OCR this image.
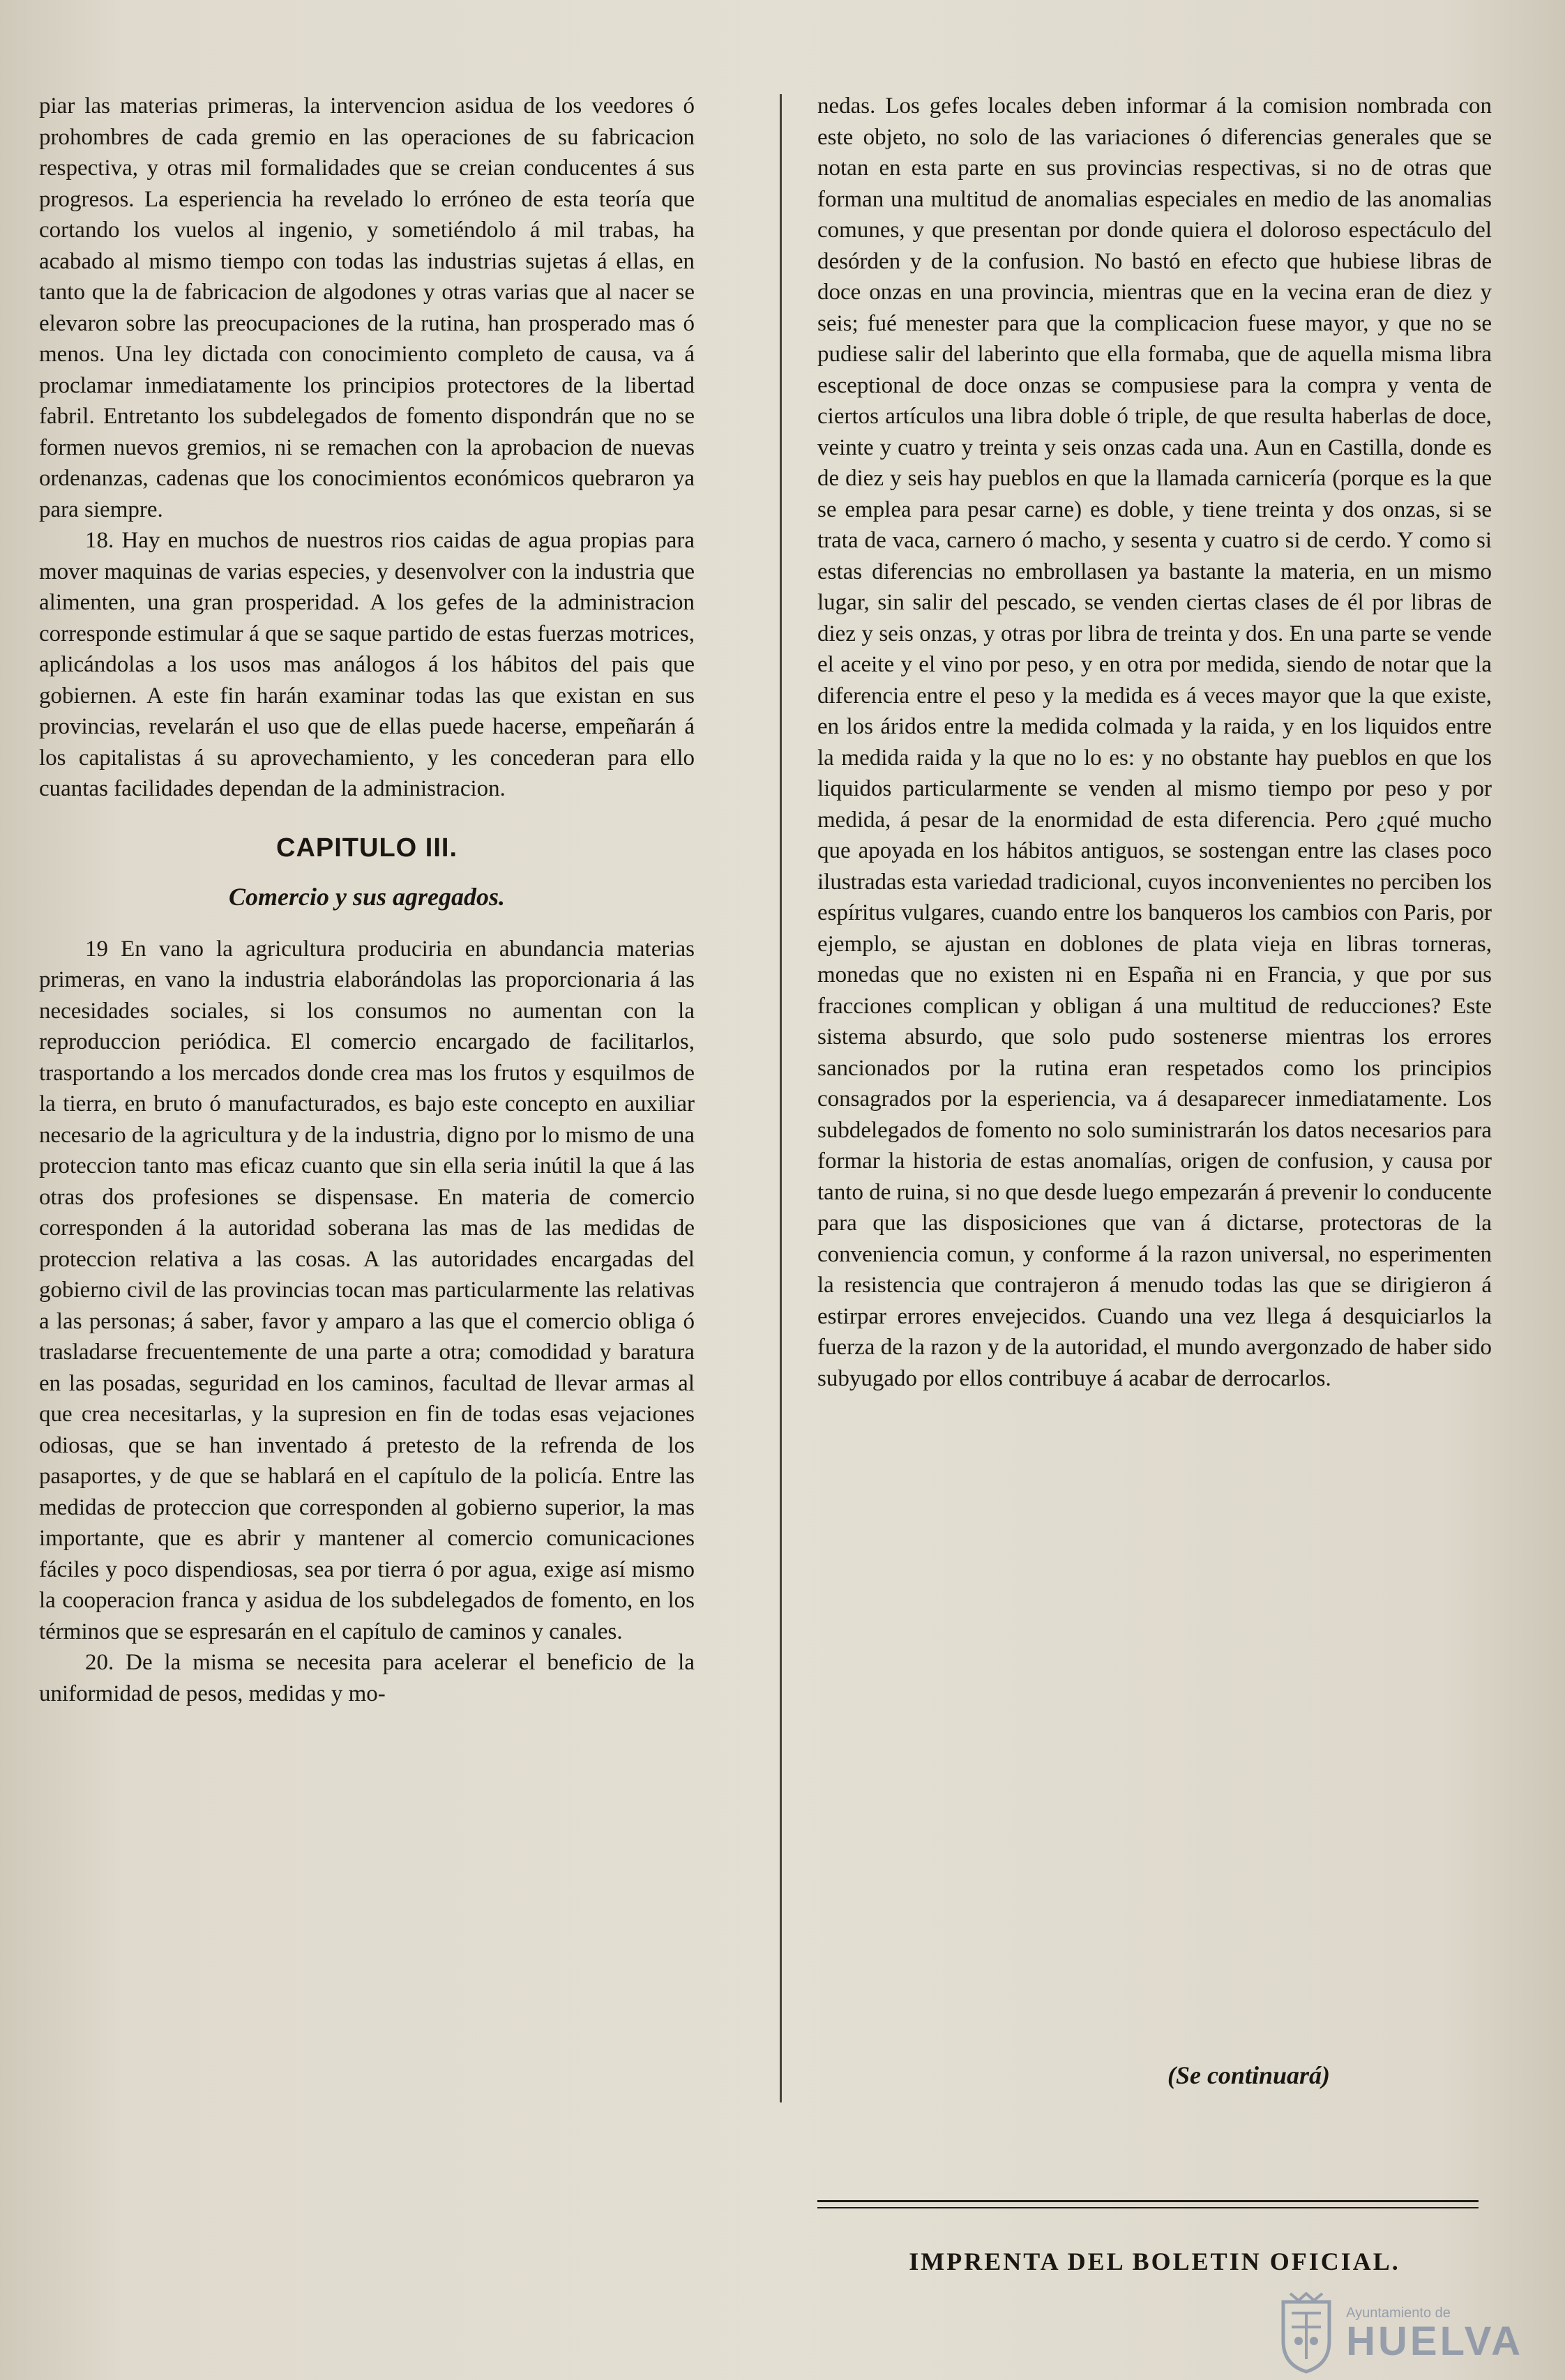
piar las materias primeras, la intervencion asidua de los veedores ó prohombres de cada gremio en las operaciones de su fabricacion respectiva, y otras mil formalidades que se creian conducentes á sus progresos. La esperiencia ha revelado lo erróneo de esta teoría que cortando los vuelos al ingenio, y sometiéndolo á mil trabas, ha acabado al mismo tiempo con todas las industrias sujetas á ellas, en tanto que la de fabricacion de algodones y otras varias que al nacer se elevaron sobre las preocupaciones de la rutina, han prosperado mas ó menos. Una ley dictada con conocimiento completo de causa, va á proclamar inmediatamente los principios protectores de la libertad fabril. Entretanto los subdelegados de fomento dispondrán que no se formen nuevos gremios, ni se remachen con la aprobacion de nuevas ordenanzas, cadenas que los conocimientos económicos quebraron ya para siempre.

18. Hay en muchos de nuestros rios caidas de agua propias para mover maquinas de varias especies, y desenvolver con la industria que alimenten, una gran prosperidad. A los gefes de la administracion corresponde estimular á que se saque partido de estas fuerzas motrices, aplicándolas a los usos mas análogos á los hábitos del pais que gobiernen. A este fin harán examinar todas las que existan en sus provincias, revelarán el uso que de ellas puede hacerse, empeñarán á los capitalistas á su aprovechamiento, y les concederan para ello cuantas facilidades dependan de la administracion.

CAPITULO III.

Comercio y sus agregados.

19 En vano la agricultura produciria en abundancia materias primeras, en vano la industria elaborándolas las proporcionaria á las necesidades sociales, si los consumos no aumentan con la reproduccion periódica. El comercio encargado de facilitarlos, trasportando a los mercados donde crea mas los frutos y esquilmos de la tierra, en bruto ó manufacturados, es bajo este concepto en auxiliar necesario de la agricultura y de la industria, digno por lo mismo de una proteccion tanto mas eficaz cuanto que sin ella seria inútil la que á las otras dos profesiones se dispensase. En materia de comercio corresponden á la autoridad soberana las mas de las medidas de proteccion relativa a las cosas. A las autoridades encargadas del gobierno civil de las provincias tocan mas particularmente las relativas a las personas; á saber, favor y amparo a las que el comercio obliga ó trasladarse frecuentemente de una parte a otra; comodidad y baratura en las posadas, seguridad en los caminos, facultad de llevar armas al que crea necesitarlas, y la supresion en fin de todas esas vejaciones odiosas, que se han inventado á pretesto de la refrenda de los pasaportes, y de que se hablará en el capítulo de la policía. Entre las medidas de proteccion que corresponden al gobierno superior, la mas importante, que es abrir y mantener al comercio comunicaciones fáciles y poco dispendiosas, sea por tierra ó por agua, exige así mismo la cooperacion franca y asidua de los subdelegados de fomento, en los términos que se espresarán en el capítulo de caminos y canales.

20. De la misma se necesita para acelerar el beneficio de la uniformidad de pesos, medidas y mo-

nedas. Los gefes locales deben informar á la comision nombrada con este objeto, no solo de las variaciones ó diferencias generales que se notan en esta parte en sus provincias respectivas, si no de otras que forman una multitud de anomalias especiales en medio de las anomalias comunes, y que presentan por donde quiera el doloroso espectáculo del desórden y de la confusion. No bastó en efecto que hubiese libras de doce onzas en una provincia, mientras que en la vecina eran de diez y seis; fué menester para que la complicacion fuese mayor, y que no se pudiese salir del laberinto que ella formaba, que de aquella misma libra esceptional de doce onzas se compusiese para la compra y venta de ciertos artículos una libra doble ó triple, de que resulta haberlas de doce, veinte y cuatro y treinta y seis onzas cada una. Aun en Castilla, donde es de diez y seis hay pueblos en que la llamada carnicería (porque es la que se emplea para pesar carne) es doble, y tiene treinta y dos onzas, si se trata de vaca, carnero ó macho, y sesenta y cuatro si de cerdo. Y como si estas diferencias no embrollasen ya bastante la materia, en un mismo lugar, sin salir del pescado, se venden ciertas clases de él por libras de diez y seis onzas, y otras por libra de treinta y dos. En una parte se vende el aceite y el vino por peso, y en otra por medida, siendo de notar que la diferencia entre el peso y la medida es á veces mayor que la que existe, en los áridos entre la medida colmada y la raida, y en los liquidos entre la medida raida y la que no lo es: y no obstante hay pueblos en que los liquidos particularmente se venden al mismo tiempo por peso y por medida, á pesar de la enormidad de esta diferencia. Pero ¿qué mucho que apoyada en los hábitos antiguos, se sostengan entre las clases poco ilustradas esta variedad tradicional, cuyos inconvenientes no perciben los espíritus vulgares, cuando entre los banqueros los cambios con Paris, por ejemplo, se ajustan en doblones de plata vieja en libras torneras, monedas que no existen ni en España ni en Francia, y que por sus fracciones complican y obligan á una multitud de reducciones? Este sistema absurdo, que solo pudo sostenerse mientras los errores sancionados por la rutina eran respetados como los principios consagrados por la esperiencia, va á desaparecer inmediatamente. Los subdelegados de fomento no solo suministrarán los datos necesarios para formar la historia de estas anomalías, origen de confusion, y causa por tanto de ruina, si no que desde luego empezarán á prevenir lo conducente para que las disposiciones que van á dictarse, protectoras de la conveniencia comun, y conforme á la razon universal, no esperimenten la resistencia que contrajeron á menudo todas las que se dirigieron á estirpar errores envejecidos. Cuando una vez llega á desquiciarlos la fuerza de la razon y de la autoridad, el mundo avergonzado de haber sido subyugado por ellos contribuye á acabar de derrocarlos.

(Se continuará)
IMPRENTA DEL BOLETIN OFICIAL.
Ayuntamiento de
HUELVA
